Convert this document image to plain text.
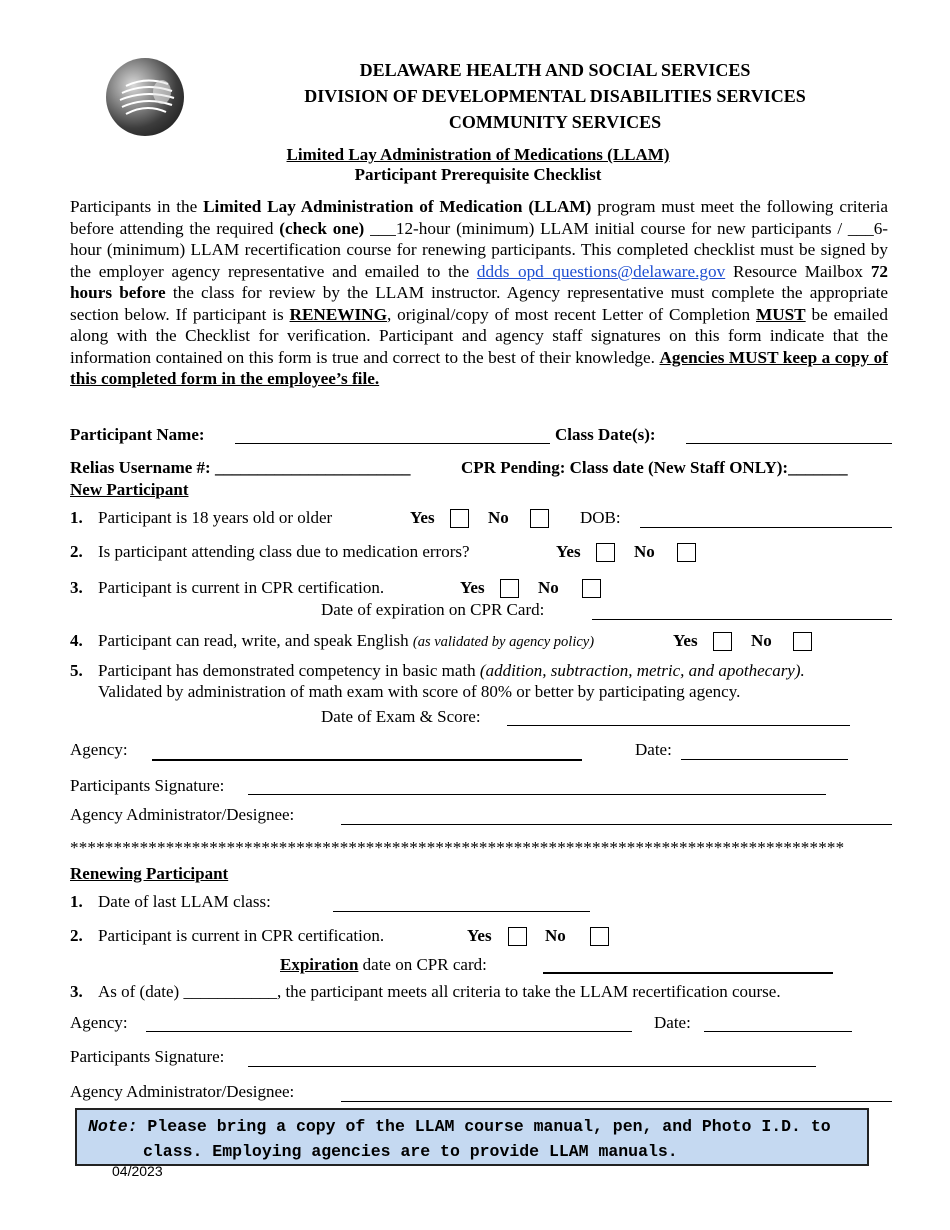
DELAWARE HEALTH AND SOCIAL SERVICES
DIVISION OF DEVELOPMENTAL DISABILITIES SERVICES
COMMUNITY SERVICES
Limited Lay Administration of Medications (LLAM)
Participant Prerequisite Checklist
Participants in the Limited Lay Administration of Medication (LLAM) program must meet the following criteria before attending the required (check one) ___12-hour (minimum) LLAM initial course for new participants / ___6-hour (minimum) LLAM recertification course for renewing participants. This completed checklist must be signed by the employer agency representative and emailed to the ddds_opd_questions@delaware.gov Resource Mailbox 72 hours before the class for review by the LLAM instructor. Agency representative must complete the appropriate section below. If participant is RENEWING, original/copy of most recent Letter of Completion MUST be emailed along with the Checklist for verification. Participant and agency staff signatures on this form indicate that the information contained on this form is true and correct to the best of their knowledge. Agencies MUST keep a copy of this completed form in the employee’s file.
Participant Name:	Class Date(s):
Relias Username #: _______________________	CPR Pending: Class date (New Staff ONLY):_______
New Participant
1. Participant is 18 years old or older	Yes	No	DOB:
2. Is participant attending class due to medication errors?	Yes	No
3. Participant is current in CPR certification.	Yes	No
Date of expiration on CPR Card:
4. Participant can read, write, and speak English (as validated by agency policy)	Yes	No
5. Participant has demonstrated competency in basic math (addition, subtraction, metric, and apothecary).
Validated by administration of math exam with score of 80% or better by participating agency.
Date of Exam & Score:
Agency:	Date:
Participants Signature:
Agency Administrator/Designee:
*****************************************************************************************
Renewing Participant
1. Date of last LLAM class:
2. Participant is current in CPR certification.	Yes	No
Expiration date on CPR card:
3. As of (date) ___________, the participant meets all criteria to take the LLAM recertification course.
Agency:	Date:
Participants Signature:
Agency Administrator/Designee:
Note: Please bring a copy of the LLAM course manual, pen, and Photo I.D. to
class. Employing agencies are to provide LLAM manuals.
04/2023
